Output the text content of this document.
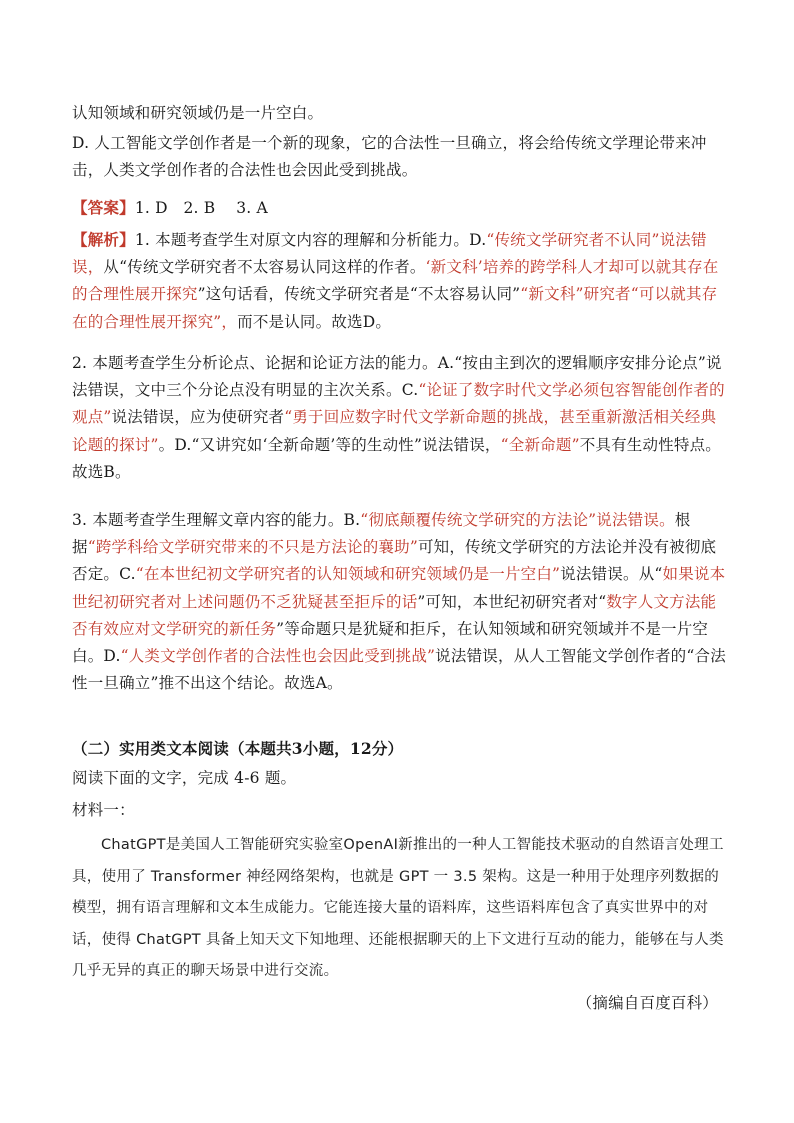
认知领域和研究领域仍是一片空白。

D. 人工智能文学创作者是一个新的现象，它的合法性一旦确立，将会给传统文学理论带来冲击，人类文学创作者的合法性也会因此受到挑战。

【答案】1. D　2. B　 3. A

【解析】1. 本题考查学生对原文内容的理解和分析能力。D.“传统文学研究者不认同”说法错误，从“传统文学研究者不太容易认同这样的作者。‘新文科’培养的跨学科人才却可以就其存在的合理性展开探究”这句话看，传统文学研究者是“不太容易认同”“新文科”研究者“可以就其存在的合理性展开探究”，而不是认同。故选D。

2. 本题考查学生分析论点、论据和论证方法的能力。A.“按由主到次的逻辑顺序安排分论点”说法错误，文中三个分论点没有明显的主次关系。C.“论证了数字时代文学必须包容智能创作者的观点”说法错误，应为使研究者“勇于回应数字时代文学新命题的挑战，甚至重新激活相关经典论题的探讨”。D.“又讲究如‘全新命题’等的生动性”说法错误，“全新命题”不具有生动性特点。故选B。

3. 本题考查学生理解文章内容的能力。B.“彻底颠覆传统文学研究的方法论”说法错误。根据“跨学科给文学研究带来的不只是方法论的襄助”可知，传统文学研究的方法论并没有被彻底否定。C.“在本世纪初文学研究者的认知领域和研究领域仍是一片空白”说法错误。从“如果说本世纪初研究者对上述问题仍不乏犹疑甚至拒斥的话”可知，本世纪初研究者对“数字人文方法能否有效应对文学研究的新任务”等命题只是犹疑和拒斥，在认知领域和研究领域并不是一片空白。D.“人类文学创作者的合法性也会因此受到挑战”说法错误，从人工智能文学创作者的“合法性一旦确立”推不出这个结论。故选A。

（二）实用类文本阅读（本题共3小题，12分）

阅读下面的文字，完成 4-6 题。

材料一：

ChatGPT是美国人工智能研究实验室OpenAI新推出的一种人工智能技术驱动的自然语言处理工具，使用了 Transformer 神经网络架构，也就是 GPT 一 3.5 架构。这是一种用于处理序列数据的模型，拥有语言理解和文本生成能力。它能连接大量的语料库，这些语料库包含了真实世界中的对话，使得 ChatGPT 具备上知天文下知地理、还能根据聊天的上下文进行互动的能力，能够在与人类几乎无异的真正的聊天场景中进行交流。

（摘编自百度百科）
